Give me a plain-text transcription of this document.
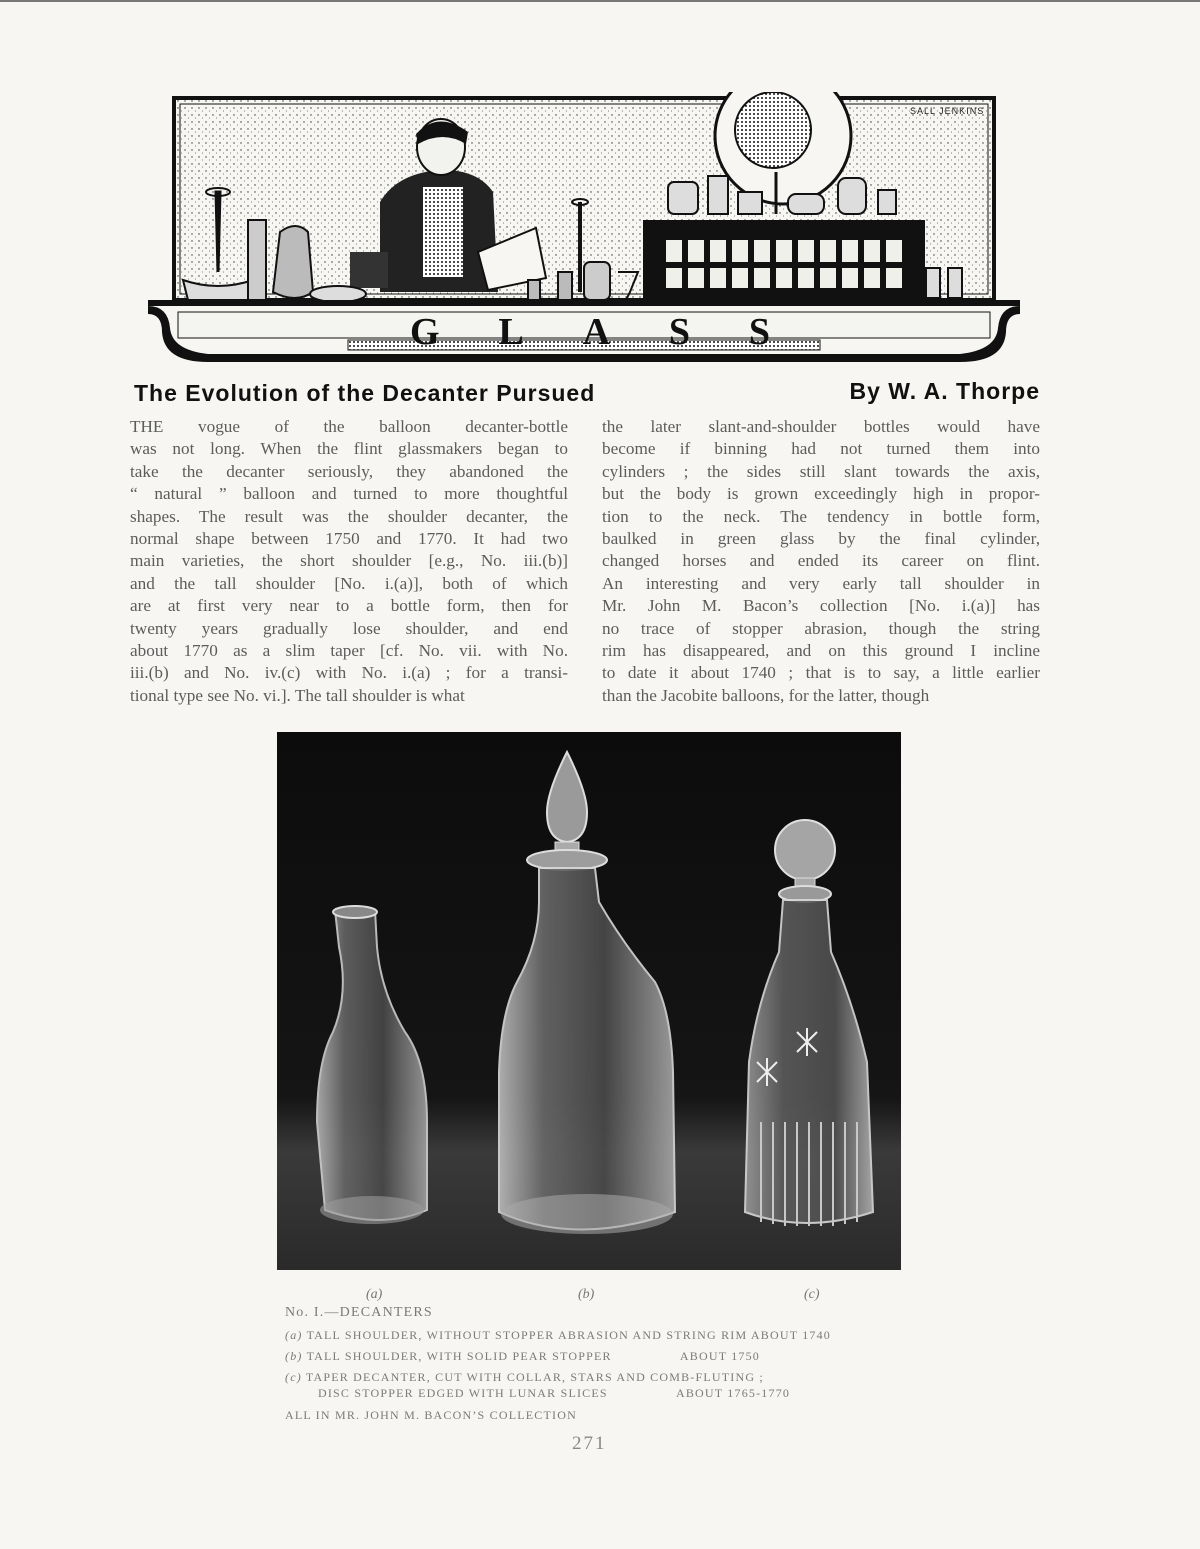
SALL JENKINS
G L A S S
The Evolution of the Decanter Pursued	By W. A. Thorpe
THE vogue of the balloon decanter-bottle
was not long. When the flint glassmakers began to
take the decanter seriously, they abandoned the
“ natural ” balloon and turned to more thoughtful
shapes. The result was the shoulder decanter, the
normal shape between 1750 and 1770. It had two
main varieties, the short shoulder [e.g., No. iii.(b)]
and the tall shoulder [No. i.(a)], both of which
are at first very near to a bottle form, then for
twenty years gradually lose shoulder, and end
about 1770 as a slim taper [cf. No. vii. with No.
iii.(b) and No. iv.(c) with No. i.(a) ; for a transi-
tional type see No. vi.]. The tall shoulder is what
the later slant-and-shoulder bottles would have
become if binning had not turned them into
cylinders ; the sides still slant towards the axis,
but the body is grown exceedingly high in propor-
tion to the neck. The tendency in bottle form,
baulked in green glass by the final cylinder,
changed horses and ended its career on flint.
An interesting and very early tall shoulder in
Mr. John M. Bacon’s collection [No. i.(a)] has
no trace of stopper abrasion, though the string
rim has disappeared, and on this ground I incline
to date it about 1740 ; that is to say, a little earlier
than the Jacobite balloons, for the latter, though
(a)	(b)	(c)
No. I.—DECANTERS
(a) TALL SHOULDER, WITHOUT STOPPER ABRASION AND STRING RIM ABOUT 1740
(b) TALL SHOULDER, WITH SOLID PEAR STOPPER	ABOUT 1750
(c) TAPER DECANTER, CUT WITH COLLAR, STARS AND COMB-FLUTING ;
DISC STOPPER EDGED WITH LUNAR SLICES	ABOUT 1765-1770
ALL IN MR. JOHN M. BACON’S COLLECTION
271
